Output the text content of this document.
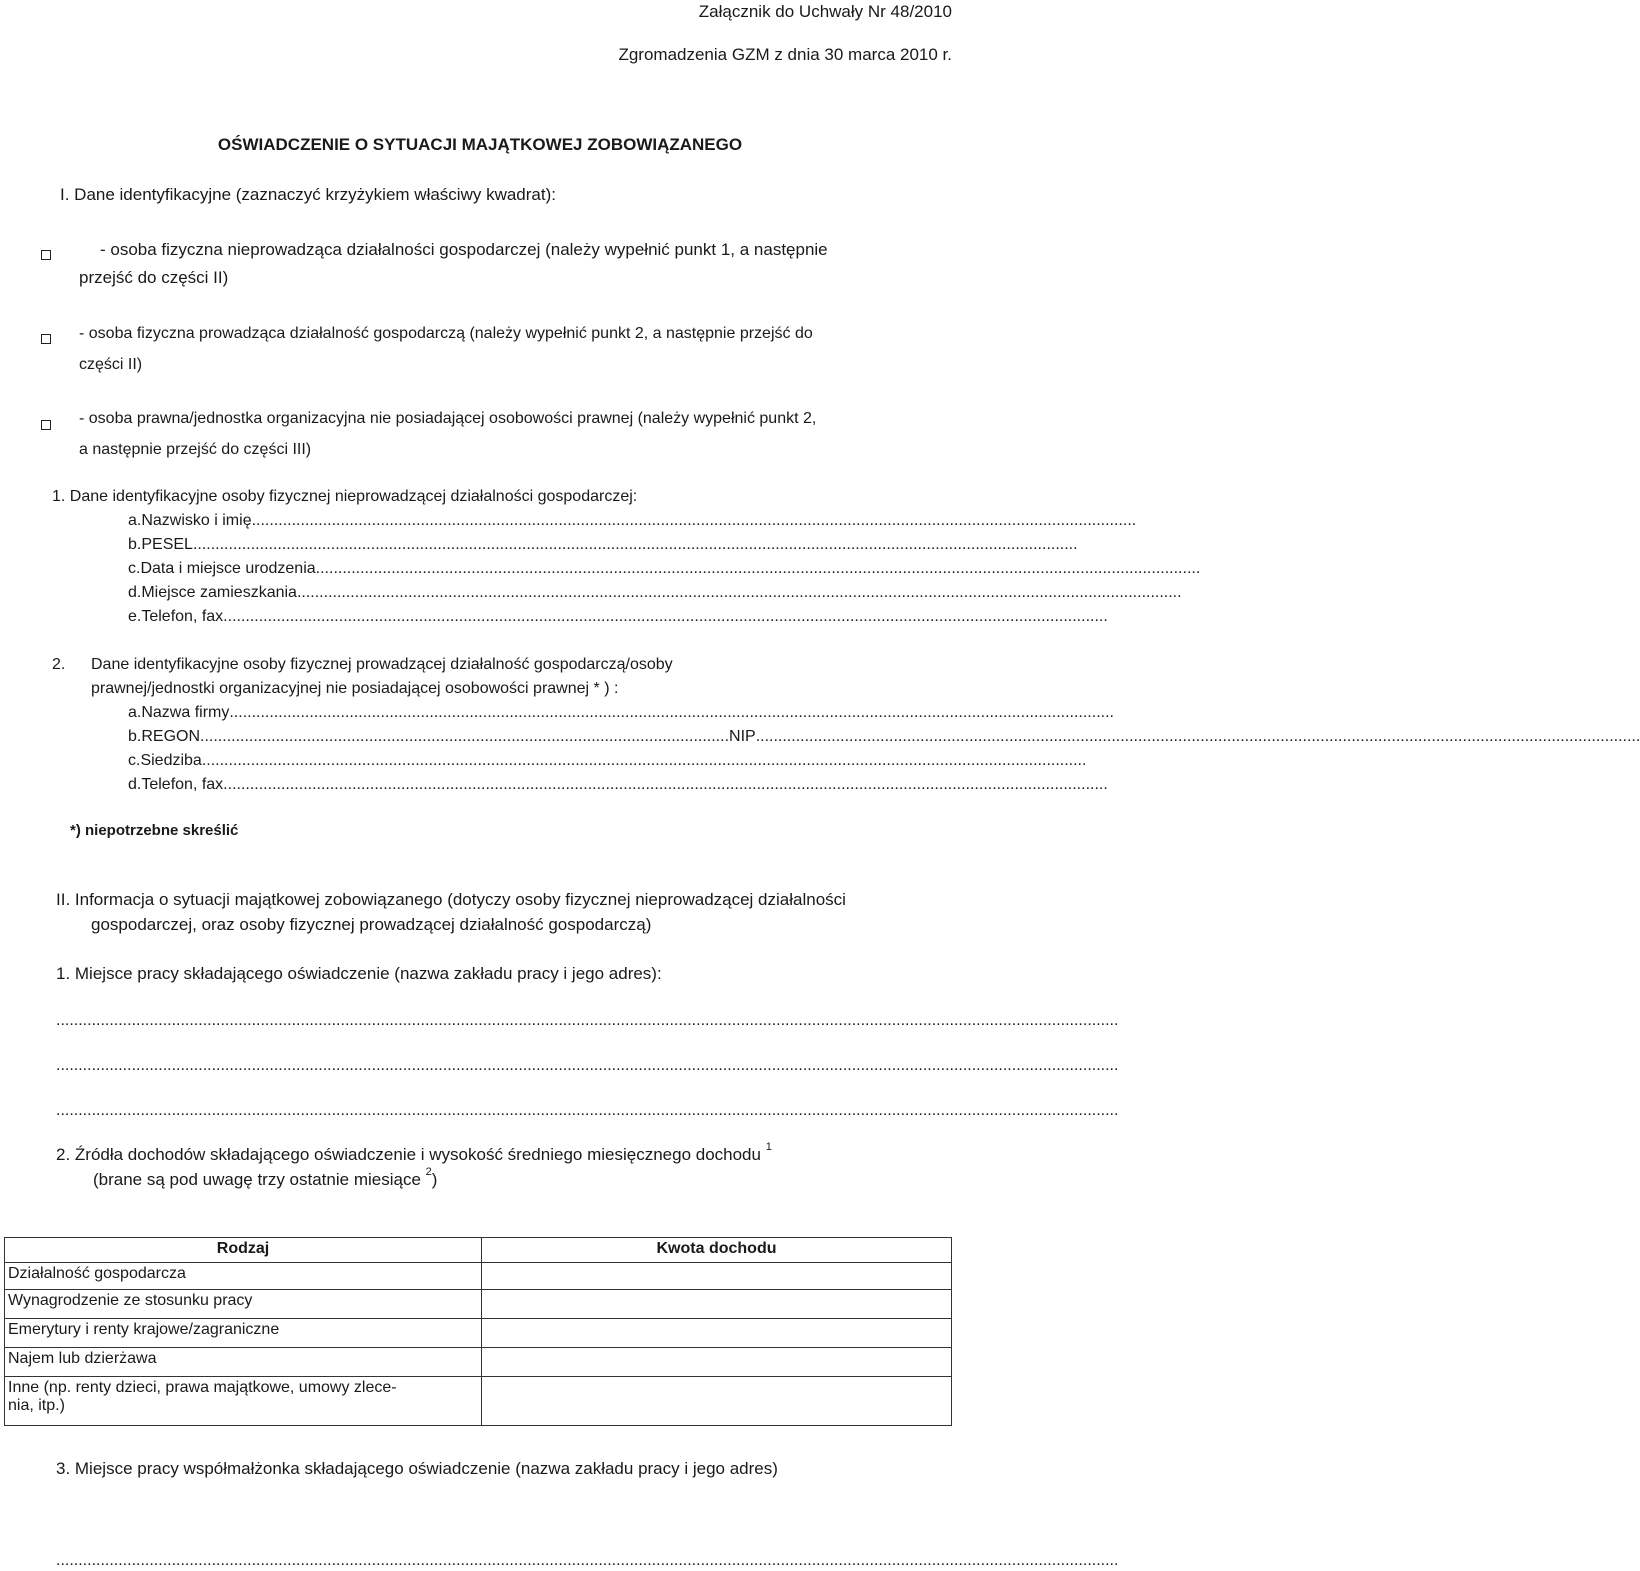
Załącznik do Uchwały Nr 48/2010
Zgromadzenia GZM z dnia 30 marca 2010 r.
OŚWIADCZENIE O SYTUACJI MAJĄTKOWEJ ZOBOWIĄZANEGO
I. Dane identyfikacyjne (zaznaczyć krzyżykiem właściwy kwadrat):
- osoba fizyczna nieprowadząca działalności gospodarczej (należy wypełnić punkt 1, a następnie
przejść do części II)
- osoba fizyczna prowadząca działalność gospodarczą (należy wypełnić punkt 2, a następnie przejść do
części II)
- osoba prawna/jednostka organizacyjna nie posiadającej osobowości prawnej (należy wypełnić punkt 2,
a następnie przejść do części III)
1. Dane identyfikacyjne osoby fizycznej nieprowadzącej działalności gospodarczej:
a. Nazwisko i imię .......................................................................................................................................................................................................
b. PESEL .......................................................................................................................................................................................................
c. Data i miejsce urodzenia .......................................................................................................................................................................................................
d. Miejsce zamieszkania .......................................................................................................................................................................................................
e. Telefon, fax .......................................................................................................................................................................................................
2. Dane identyfikacyjne osoby fizycznej prowadzącej działalność gospodarczą/osoby
prawnej/jednostki organizacyjnej nie posiadającej osobowości prawnej * ) :
a. Nazwa firmy .......................................................................................................................................................................................................
b. REGON ....................................................................................................................... NIP .......................................................................................................................................................................................................
c. Siedziba .......................................................................................................................................................................................................
d. Telefon, fax .......................................................................................................................................................................................................
*) niepotrzebne skreślić
II. Informacja o sytuacji majątkowej zobowiązanego (dotyczy osoby fizycznej nieprowadzącej działalności
gospodarczej, oraz osoby fizycznej prowadzącej działalność gospodarczą)
1. Miejsce pracy składającego oświadczenie (nazwa zakładu pracy i jego adres):
...............................................................................................................................................................................................................................................
...............................................................................................................................................................................................................................................
...............................................................................................................................................................................................................................................
2. Źródła dochodów składającego oświadczenie i wysokość średniego miesięcznego dochodu $^1$
(brane są pod uwagę trzy ostatnie miesiące $^2$)
Rodzaj	Kwota dochodu
Działalność gospodarcza	
Wynagrodzenie ze stosunku pracy	
Emerytury i renty krajowe/zagraniczne	
Najem lub dzierżawa	

Inne (np. renty dzieci, prawa majątkowe, umowy zlece-
nia, itp.)	

3. Miejsce pracy współmałżonka składającego oświadczenie (nazwa zakładu pracy i jego adres)
...............................................................................................................................................................................................................................................
